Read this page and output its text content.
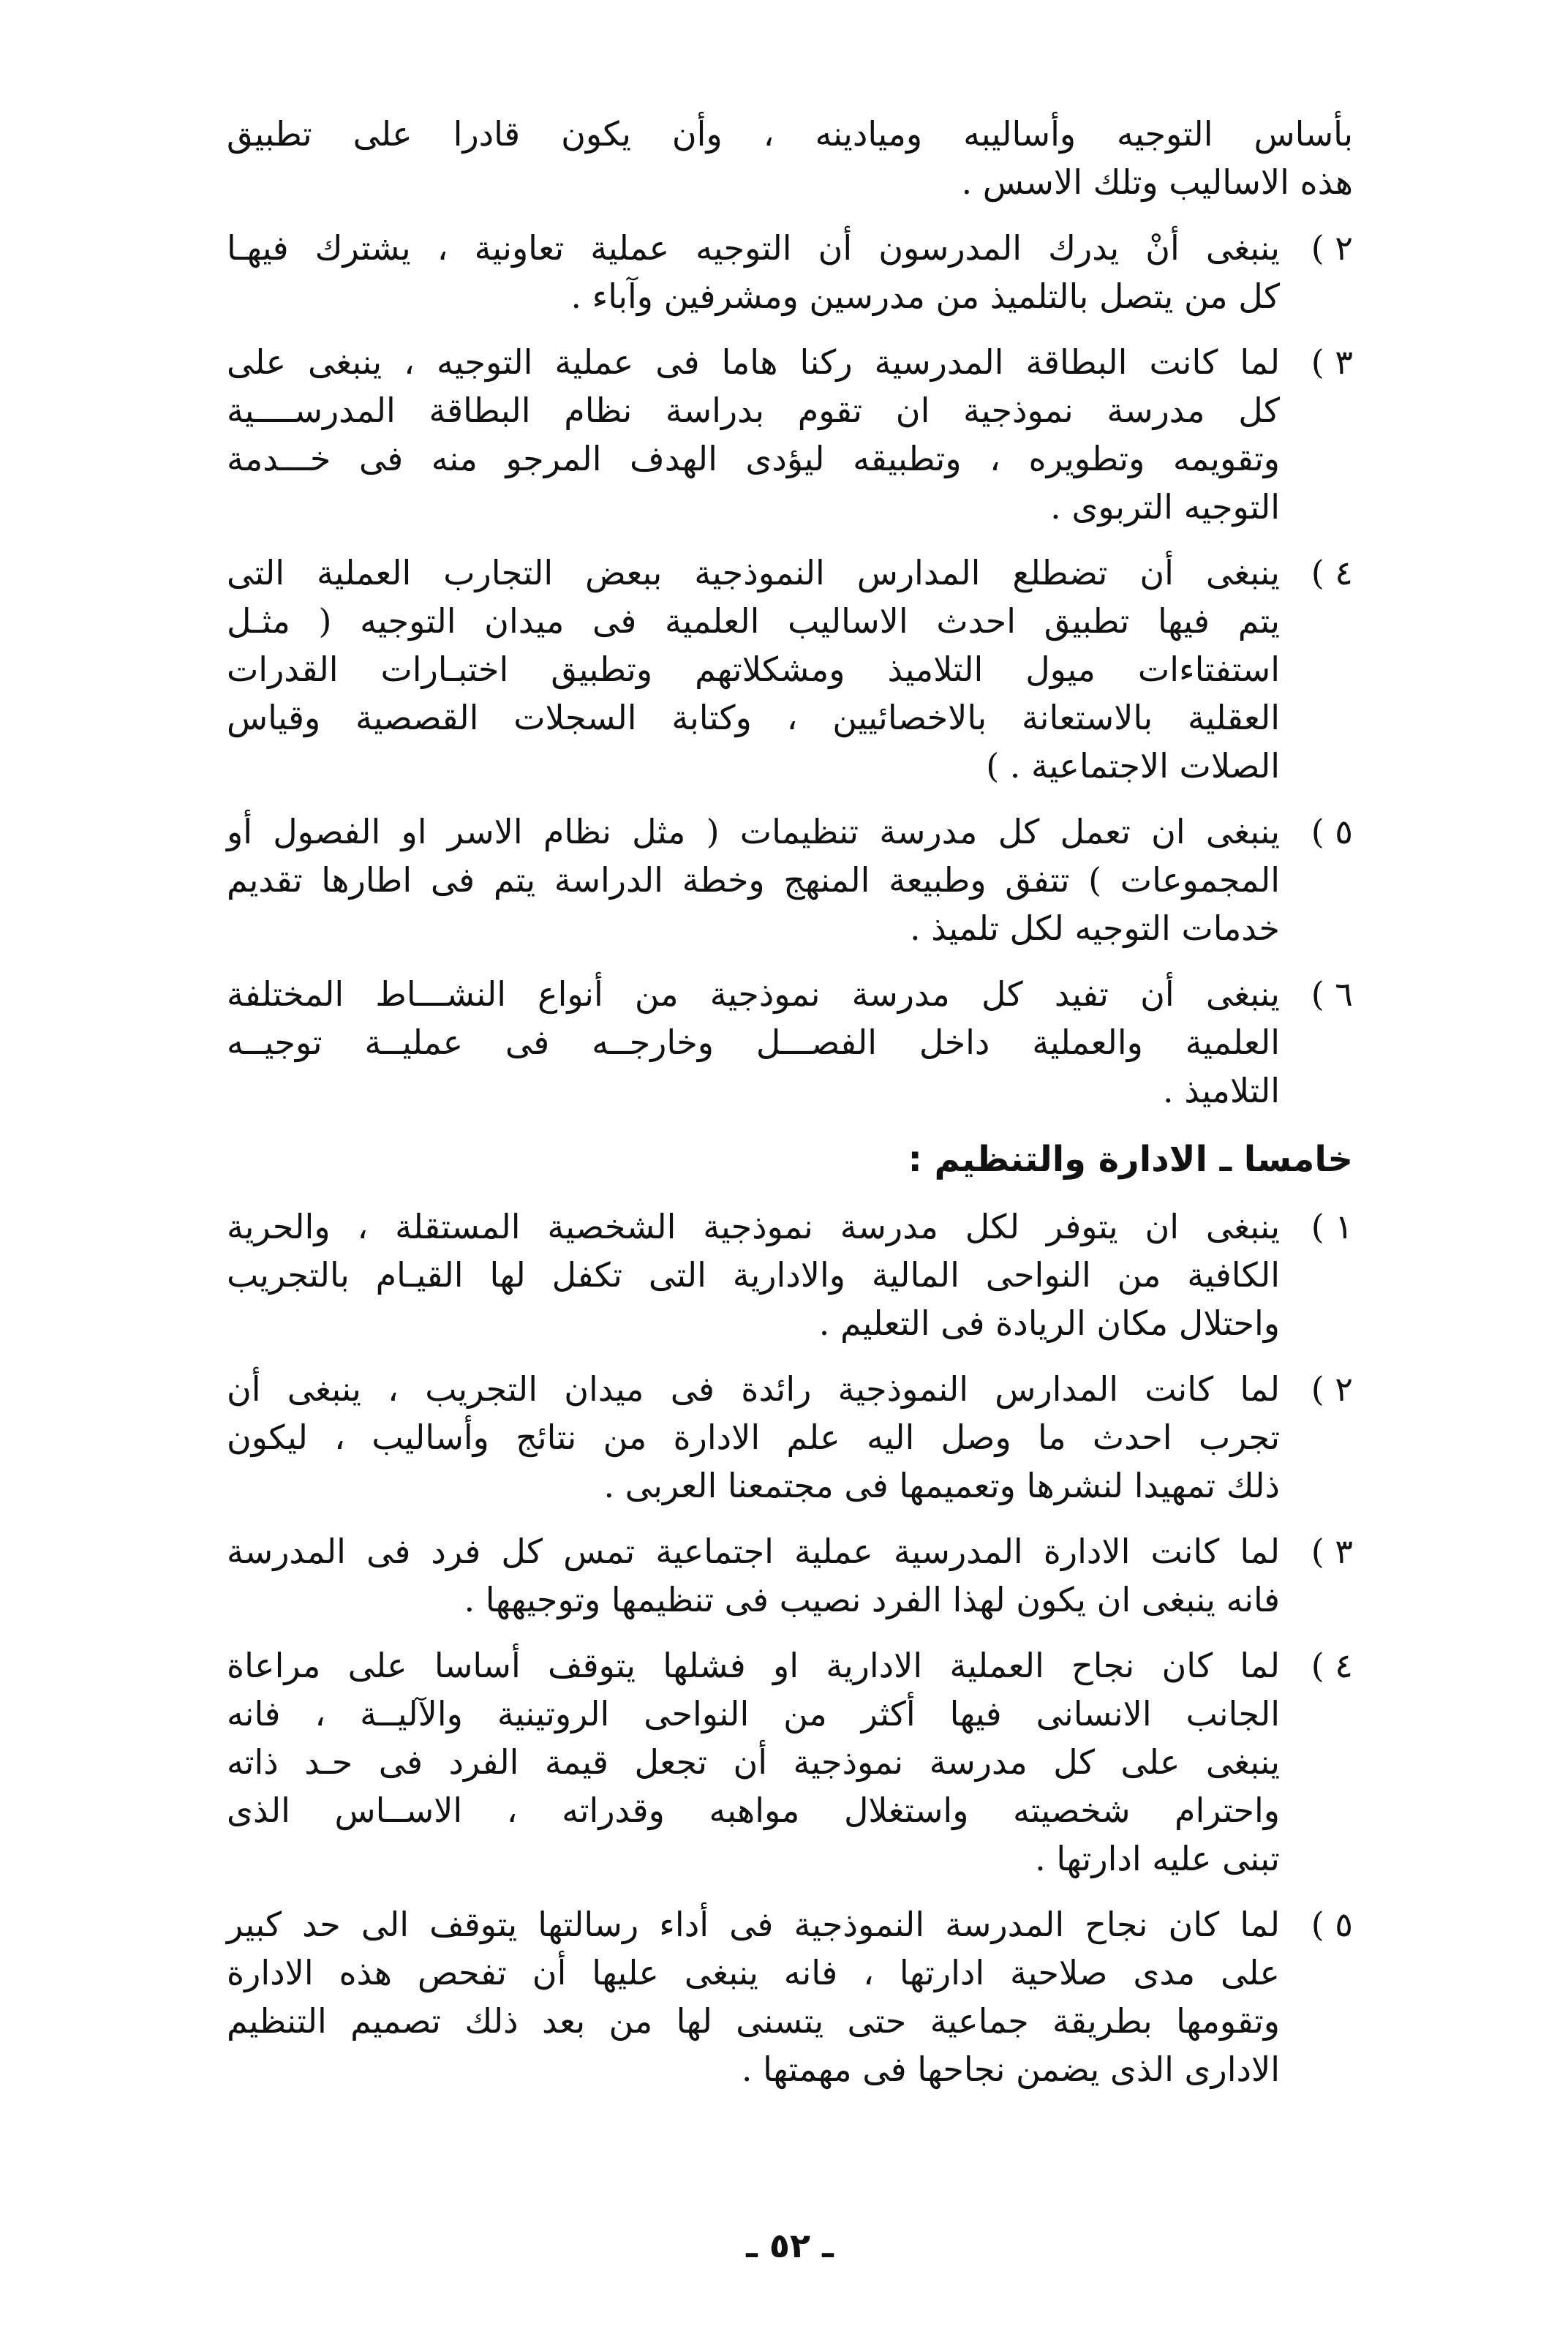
بأساس التوجيه وأساليبه وميادينه ، وأن يكون قادرا على تطبيق
هذه الاساليب وتلك الاسس .
٢ )
ينبغى أنْ يدرك المدرسون أن التوجيه عملية تعاونية ، يشترك فيهـا
كل من يتصل بالتلميذ من مدرسين ومشرفين وآباء .
٣ )
لما كانت البطاقة المدرسية ركنا هاما فى عملية التوجيه ، ينبغى على
كل مدرسة نموذجية ان تقوم بدراسة نظام البطاقة المدرســــية
وتقويمه وتطويره ، وتطبيقه ليؤدى الهدف المرجو منه فى خـــدمة
التوجيه التربوى .
٤ )
ينبغى أن تضطلع المدارس النموذجية ببعض التجارب العملية التى
يتم فيها تطبيق احدث الاساليب العلمية فى ميدان التوجيه ( مثـل
استفتاءات ميول التلاميذ ومشكلاتهم وتطبيق اختبـارات القدرات
العقلية بالاستعانة بالاخصائيين ، وكتابة السجلات القصصية وقياس
الصلات الاجتماعية . )
٥ )
ينبغى ان تعمل كل مدرسة تنظيمات ( مثل نظام الاسر او الفصول أو
المجموعات ) تتفق وطبيعة المنهج وخطة الدراسة يتم فى اطارها تقديم
خدمات التوجيه لكل تلميذ .
٦ )
ينبغى أن تفيد كل مدرسة نموذجية من أنواع النشـــاط المختلفة
العلمية والعملية داخل الفصـــل وخارجــه فى عمليــة توجيــه
التلاميذ .
خامسا ـ الادارة والتنظيم :
١ )
ينبغى ان يتوفر لكل مدرسة نموذجية الشخصية المستقلة ، والحرية
الكافية من النواحى المالية والادارية التى تكفل لها القيـام بالتجريب
واحتلال مكان الريادة فى التعليم .
٢ )
لما كانت المدارس النموذجية رائدة فى ميدان التجريب ، ينبغى أن
تجرب احدث ما وصل اليه علم الادارة من نتائج وأساليب ، ليكون
ذلك تمهيدا لنشرها وتعميمها فى مجتمعنا العربى .
٣ )
لما كانت الادارة المدرسية عملية اجتماعية تمس كل فرد فى المدرسة
فانه ينبغى ان يكون لهذا الفرد نصيب فى تنظيمها وتوجيهها .
٤ )
لما كان نجاح العملية الادارية او فشلها يتوقف أساسا على مراعاة
الجانب الانسانى فيها أكثر من النواحى الروتينية والآليــة ، فانه
ينبغى على كل مدرسة نموذجية أن تجعل قيمة الفرد فى حـد ذاته
واحترام شخصيته واستغلال مواهبه وقدراته ، الاســاس الذى
تبنى عليه ادارتها .
٥ )
لما كان نجاح المدرسة النموذجية فى أداء رسالتها يتوقف الى حد كبير
على مدى صلاحية ادارتها ، فانه ينبغى عليها أن تفحص هذه الادارة
وتقومها بطريقة جماعية حتى يتسنى لها من بعد ذلك تصميم التنظيم
الادارى الذى يضمن نجاحها فى مهمتها .
ـ ٥٢ ـ
